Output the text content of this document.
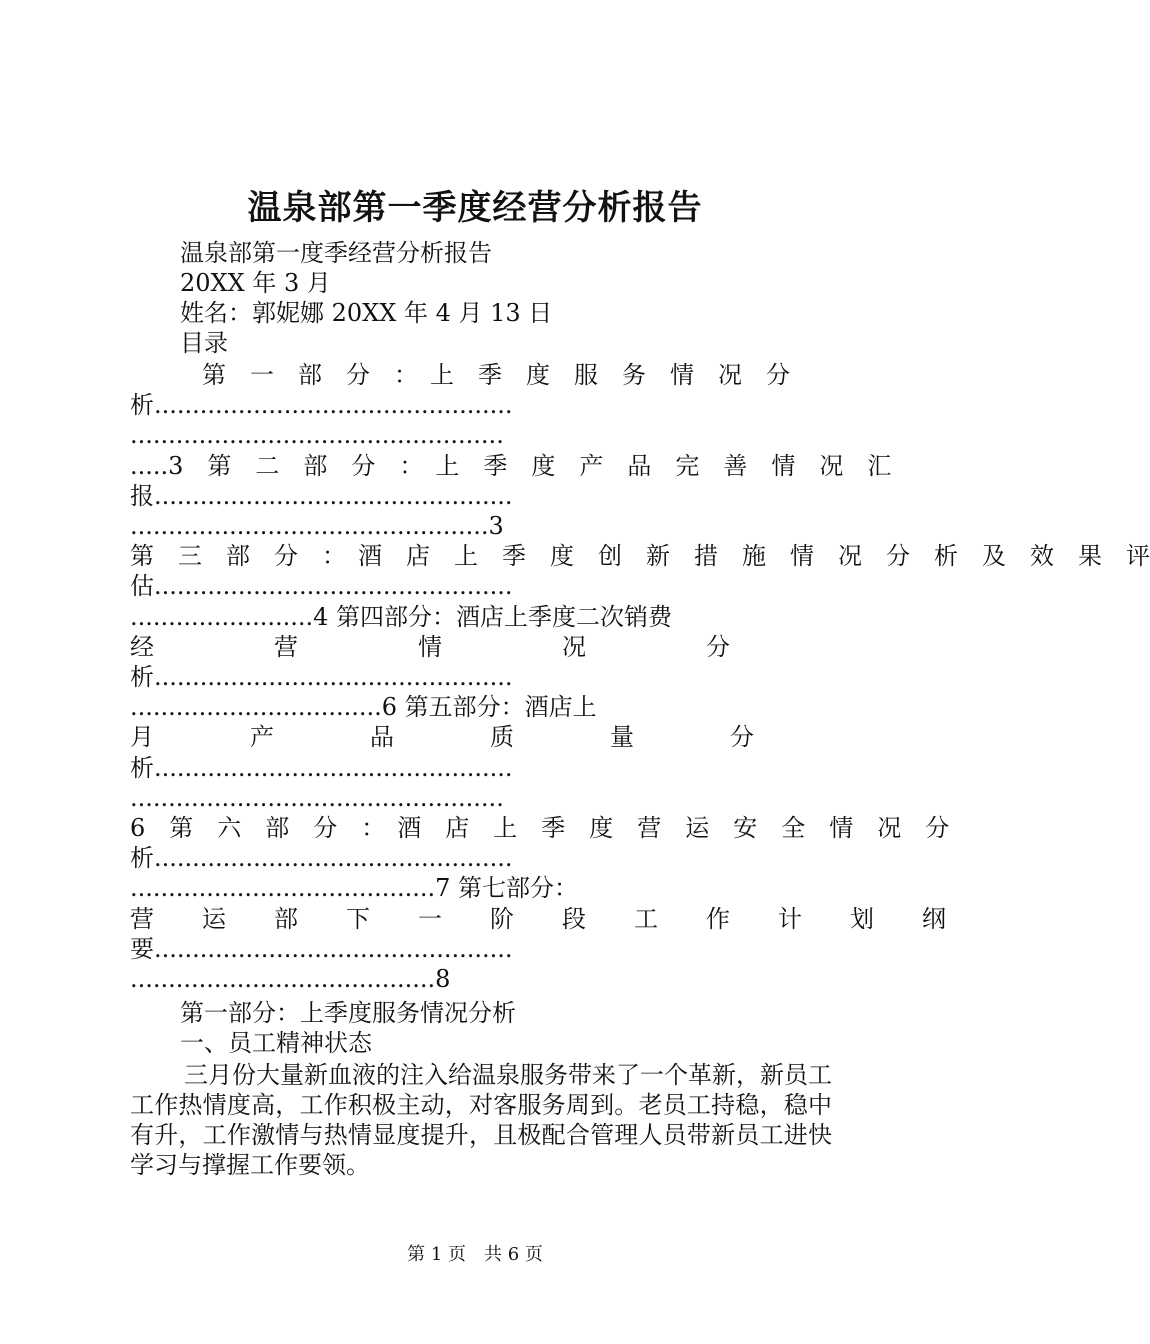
温泉部第一季度经营分析报告
温泉部第一度季经营分析报告
20XX 年 3 月
姓名：郭妮娜 20XX 年 4 月 13 日
目录
　　　第　一　部　分　：　上　季　度　服　务　情　况　分
析...............................................
.................................................
.....3　第　二　部　分　：　上　季　度　产　品　完　善　情　况　汇
报...............................................
...............................................3
第　三　部　分　：　酒　店　上　季　度　创　新　措　施　情　况　分　析　及　效　果　评
估...............................................
........................4 第四部分：酒店上季度二次销费
经　　　　　营　　　　　情　　　　　况　　　　　分
析...............................................
.................................6 第五部分：酒店上
月　　　　产　　　　品　　　　质　　　　量　　　　分
析...............................................
.................................................
6　第　六　部　分　：　酒　店　上　季　度　营　运　安　全　情　况　分
析...............................................
........................................7 第七部分：
营　　运　　部　　下　　一　　阶　　段　　工　　作　　计　　划　　纲
要...............................................
........................................8
第一部分：上季度服务情况分析
一、员工精神状态
三月份大量新血液的注入给温泉服务带来了一个革新，新员工工作热情度高，工作积极主动，对客服务周到。老员工持稳，稳中有升，工作激情与热情显度提升，且极配合管理人员带新员工进快学习与撑握工作要领。
第 1 页　共 6 页
